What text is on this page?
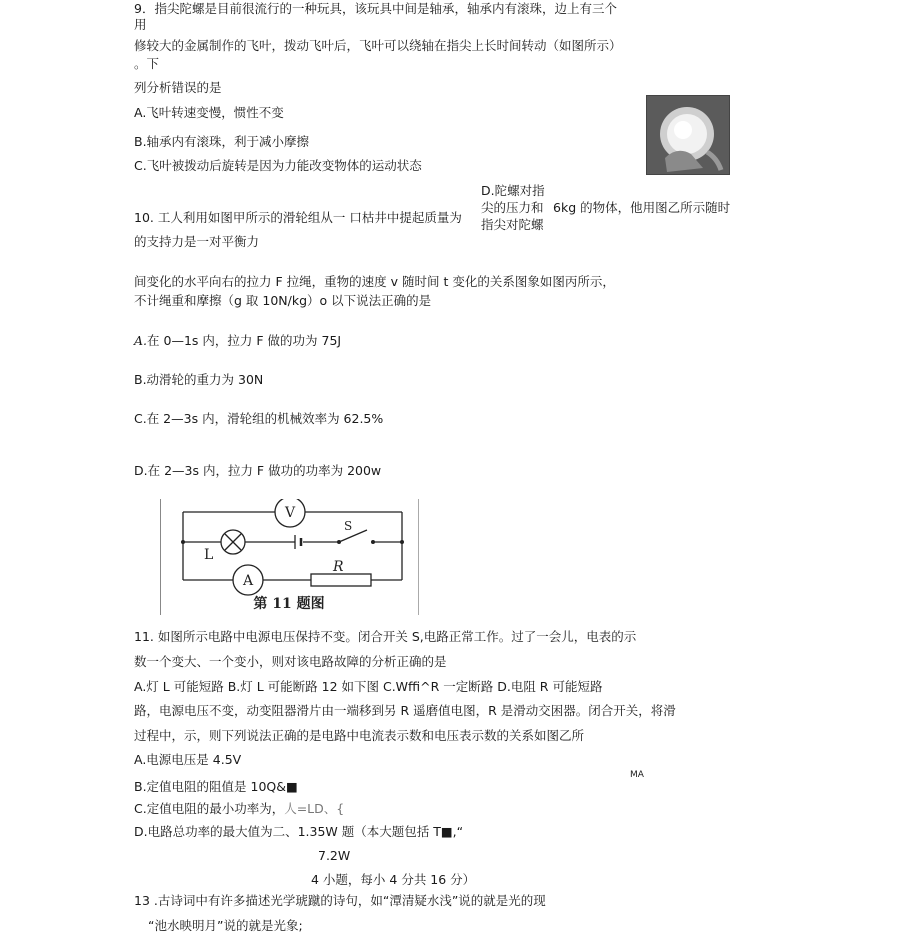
9．指尖陀螺是目前很流行的一种玩具，该玩具中间是轴承，轴承内有滚珠，边上有三个
用
修较大的金属制作的飞叶，拨动飞叶后，飞叶可以绕轴在指尖上长时间转动（如图所示）
。下
列分析错误的是
A.飞叶转速变慢，惯性不变
B.轴承内有滚珠，利于减小摩擦
C.飞叶被拨动后旋转是因为力能改变物体的运动状态
D.陀螺对指
尖的压力和
指尖对陀螺
10. 工人利用如图甲所示的滑轮组从一 口枯井中提起质量为
6kg 的物体，他用图乙所示随时
的支持力是一对平衡力
间变化的水平向右的拉力 F 拉绳，重物的速度 v 随时间 t 变化的关系图象如图丙所示，
不计绳重和摩擦（g 取 10N/kg）o 以下说法正确的是
A.在 0—1s 内，拉力 F 做的功为 75J
B.动滑轮的重力为 30N
C.在 2—3s 内，滑轮组的机械效率为 62.5%
D.在 2—3s 内，拉力 F 做功的功率为 200w
V
A
L
S
R
第 11 题图
11. 如图所示电路中电源电压保持不变。闭合开关 S,电路正常工作。过了一会儿，电表的示
数一个变大、一个变小，则对该电路故障的分析正确的是
A.灯 L 可能短路 B.灯 L 可能断路 12 如下图 C.Wffi^R 一定断路 D.电阻 R 可能短路
路，电源电压不变，动变阻器滑片由一端移到另 R 遥磨值电图，R 是滑动交困器。闭合开关，将滑
过程中，示，则下列说法正确的是电路中电流表示数和电压表示数的关系如图乙所
A.电源电压是 4.5V
MA
B.定值电阻的阻值是 10Q&■
C.定值电阻的最小功率为，人=LD、{
D.电路总功率的最大值为二、1.35W 题（本大题包括 T■,“
7.2W
4 小题，每小 4 分共 16 分）
13 .古诗词中有许多描述光学琥蹴的诗句，如“潭清疑水浅”说的就是光的现
“池水映明月”说的就是光象;
